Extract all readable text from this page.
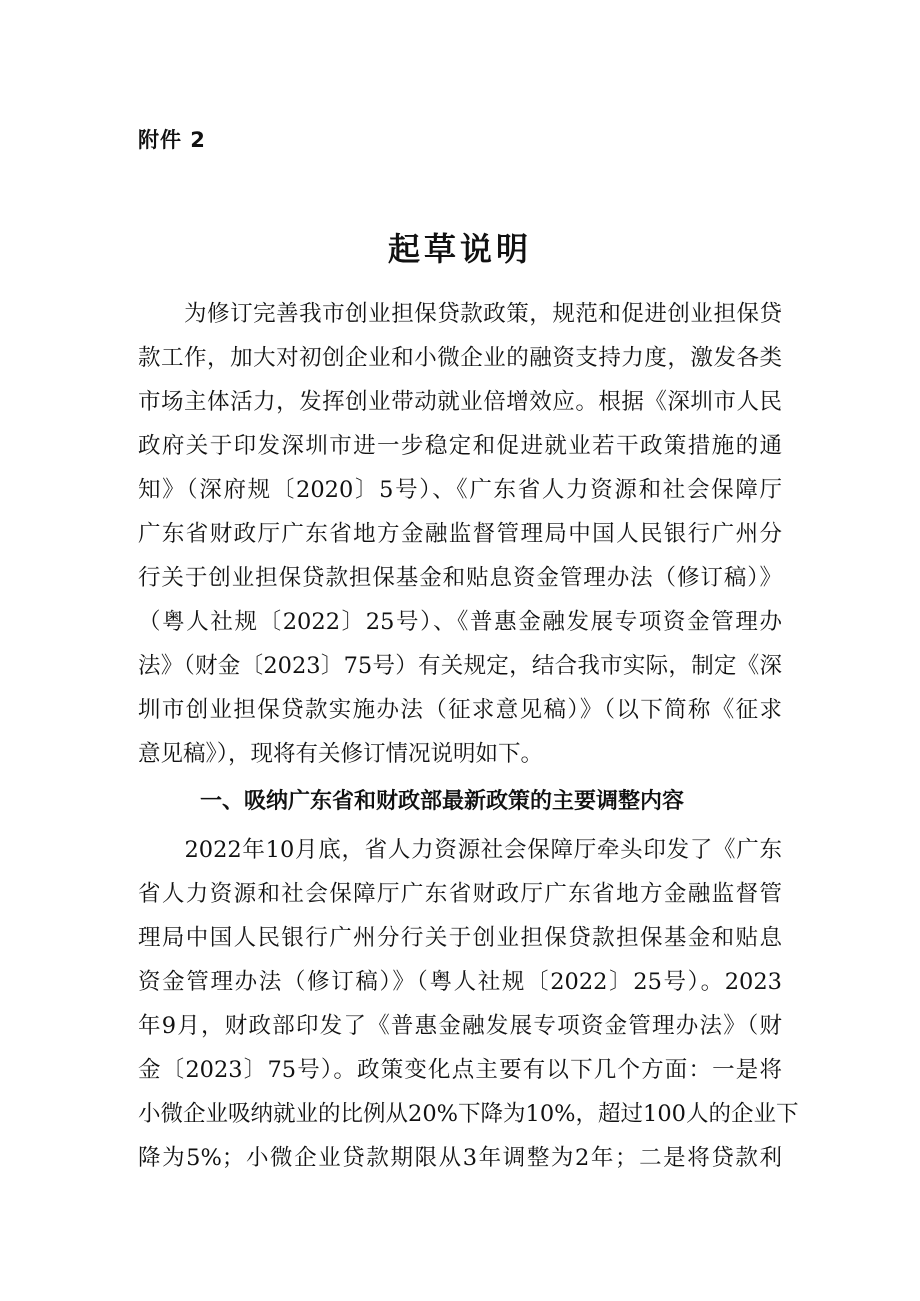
附件 2
起草说明
　　为修订完善我市创业担保贷款政策，规范和促进创业担保贷
款工作，加大对初创企业和小微企业的融资支持力度，激发各类
市场主体活力，发挥创业带动就业倍增效应。根据《深圳市人民
政府关于印发深圳市进一步稳定和促进就业若干政策措施的通
知》（深府规〔2020〕5号）、《广东省人力资源和社会保障厅
广东省财政厅广东省地方金融监督管理局中国人民银行广州分
行关于创业担保贷款担保基金和贴息资金管理办法（修订稿）》
（粤人社规〔2022〕25号）、《普惠金融发展专项资金管理办
法》（财金〔2023〕75号）有关规定，结合我市实际，制定《深
圳市创业担保贷款实施办法（征求意见稿）》（以下简称《征求
意见稿》），现将有关修订情况说明如下。
一、吸纳广东省和财政部最新政策的主要调整内容
　　2022年10月底，省人力资源社会保障厅牵头印发了《广东
省人力资源和社会保障厅广东省财政厅广东省地方金融监督管
理局中国人民银行广州分行关于创业担保贷款担保基金和贴息
资金管理办法（修订稿）》（粤人社规〔2022〕25号）。2023
年9月，财政部印发了《普惠金融发展专项资金管理办法》（财
金〔2023〕75号）。政策变化点主要有以下几个方面：一是将
小微企业吸纳就业的比例从20%下降为10%，超过100人的企业下
降为5%；小微企业贷款期限从3年调整为2年；二是将贷款利
